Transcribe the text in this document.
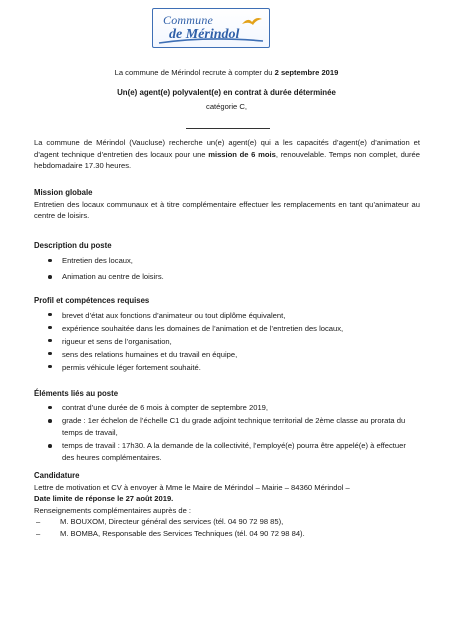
Commune
de Mérindol
La commune de Mérindol recrute à compter du 2 septembre 2019
Un(e) agent(e) polyvalent(e) en contrat à durée déterminée
catégorie C,
La commune de Mérindol (Vaucluse) recherche un(e) agent(e) qui a les capacités d’agent(e) d’animation et d’agent technique d’entretien des locaux pour une mission de 6 mois, renouvelable. Temps non complet, durée hebdomadaire 17.30 heures.
Mission globale
Entretien des locaux communaux et à titre complémentaire effectuer les remplacements en tant qu’animateur au centre de loisirs.
Description du poste
Entretien des locaux,
Animation au centre de loisirs.
Profil et compétences requises
brevet d’état aux fonctions d’animateur ou tout diplôme équivalent,
expérience souhaitée dans les domaines de l’animation et de l’entretien des locaux,
rigueur et sens de l’organisation,
sens des relations humaines et du travail en équipe,
permis véhicule léger fortement souhaité.
Éléments liés au poste
contrat d’une durée de 6 mois à compter de septembre 2019,
grade : 1er échelon de l’échelle C1 du grade adjoint technique territorial de 2ème classe au prorata du temps de travail,
temps de travail : 17h30. A la demande de la collectivité, l’employé(e) pourra être appelé(e) à effectuer des heures complémentaires.
Candidature
Lettre de motivation et CV à envoyer à Mme le Maire de Mérindol – Mairie – 84360 Mérindol –
Date limite de réponse le 27 août 2019.
Renseignements complémentaires auprès de :
–	M. BOUXOM, Directeur général des services (tél. 04 90 72 98 85),
–	M. BOMBA, Responsable des Services Techniques (tél. 04 90 72 98 84).
